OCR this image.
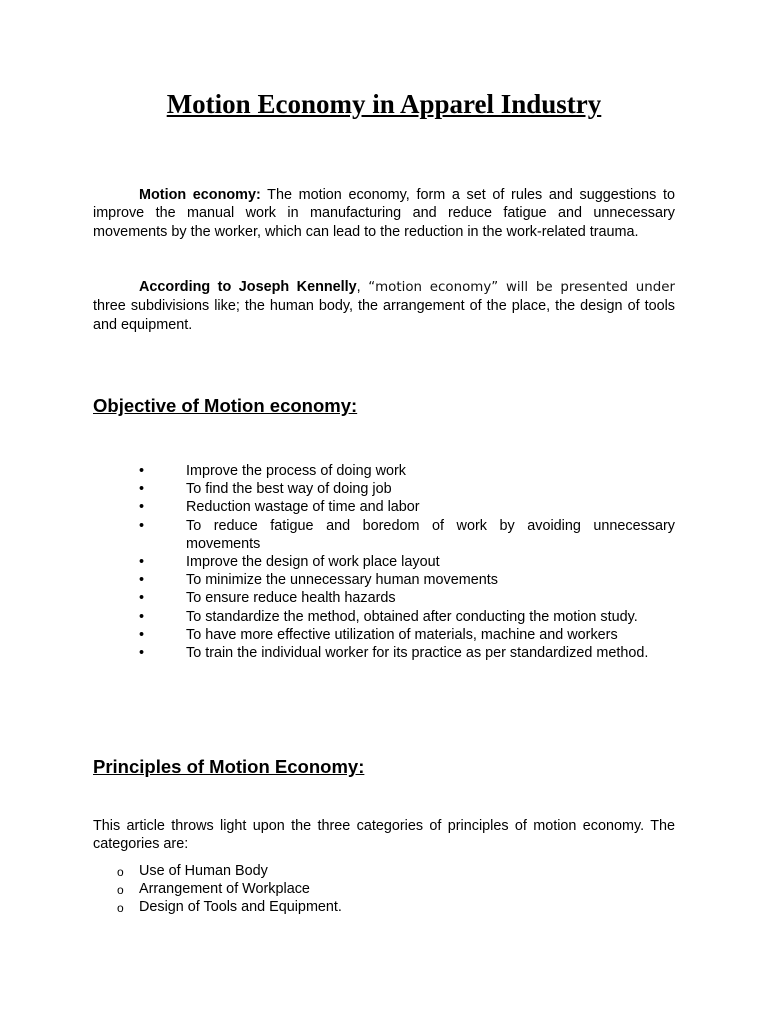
Motion Economy in Apparel Industry

Motion economy: The motion economy, form a set of rules and suggestions to improve the manual work in manufacturing and reduce fatigue and unnecessary movements by the worker, which can lead to the reduction in the work-related trauma.

According to Joseph Kennelly, “motion economy” will be presented under three subdivisions like; the human body, the arrangement of the place, the design of tools and equipment.

Objective of Motion economy:
•	Improve the process of doing work
•	To find the best way of doing job
•	Reduction wastage of time and labor
•	To reduce fatigue and boredom of work by avoiding unnecessary movements
•	Improve the design of work place layout
•	To minimize the unnecessary human movements
•	To ensure reduce health hazards
•	To standardize the method, obtained after conducting the motion study.
•	To have more effective utilization of materials, machine and workers
•	To train the individual worker for its practice as per standardized method.
Principles of Motion Economy:

This article throws light upon the three categories of principles of motion economy. The categories are:

o Use of Human Body
o Arrangement of Workplace
o Design of Tools and Equipment.
